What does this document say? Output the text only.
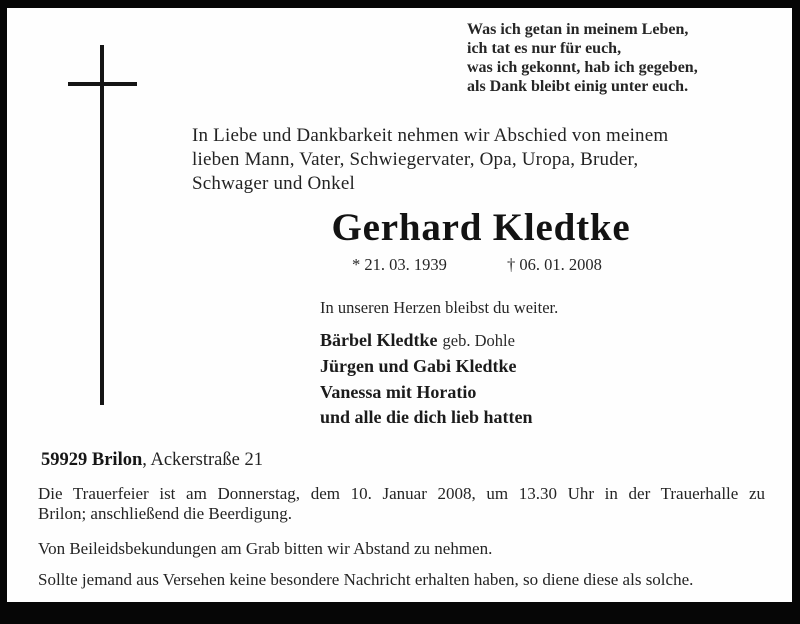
Was ich getan in meinem Leben,
ich tat es nur für euch,
was ich gekonnt, hab ich gegeben,
als Dank bleibt einig unter euch.
In Liebe und Dankbarkeit nehmen wir Abschied von meinem
lieben Mann, Vater, Schwiegervater, Opa, Uropa, Bruder,
Schwager und Onkel
Gerhard Kledtke
* 21. 03. 1939	† 06. 01. 2008
In unseren Herzen bleibst du weiter.
Bärbel Kledtke geb. Dohle
Jürgen und Gabi Kledtke
Vanessa mit Horatio
und alle die dich lieb hatten
59929 Brilon, Ackerstraße 21
Die Trauerfeier ist am Donnerstag, dem 10. Januar 2008, um 13.30 Uhr in der Trauerhalle zu
Brilon; anschließend die Beerdigung.
Von Beileidsbekundungen am Grab bitten wir Abstand zu nehmen.
Sollte jemand aus Versehen keine besondere Nachricht erhalten haben, so diene diese als solche.
